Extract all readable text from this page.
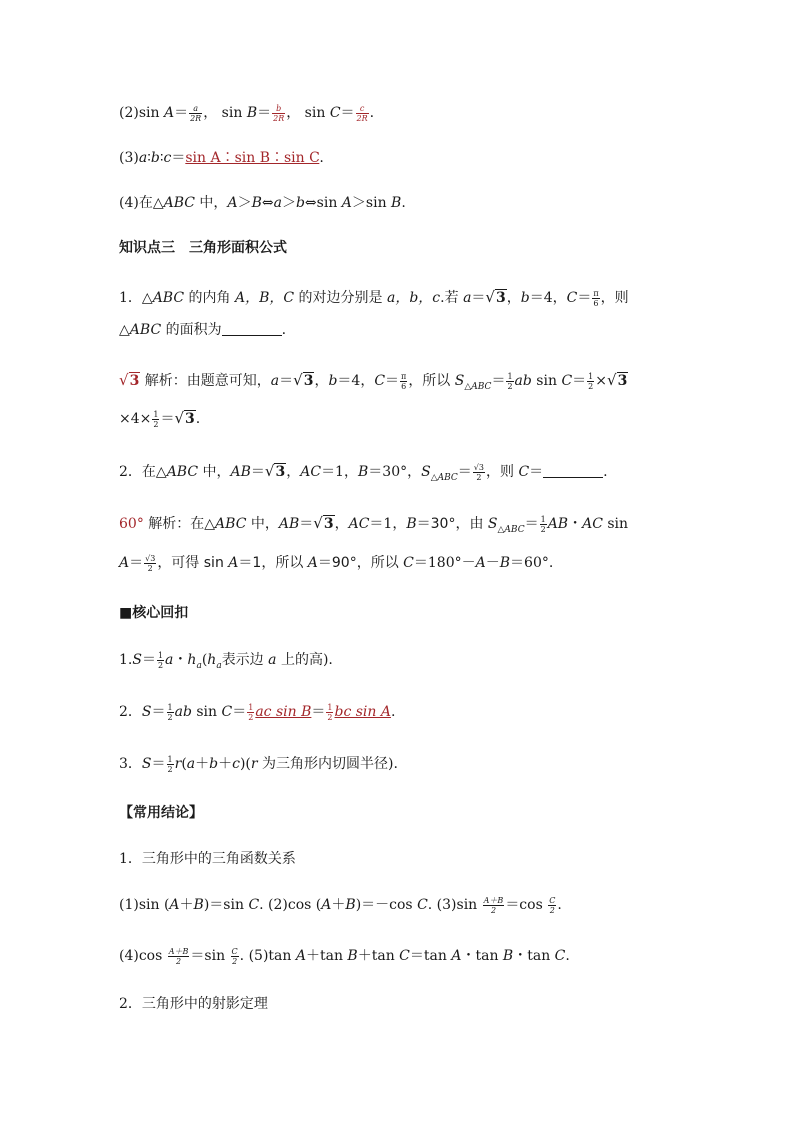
(2)sin $A= \frac{a}{2R}$ ， $\sin B= \frac{b}{2R}$ ， $\sin C= \frac{c}{2R}$ .
(3)a∶b∶c＝sin A∶sin B∶sin C.
(4)在△ABC 中，A＞B⇔a＞b⇔sin A＞sin B.
知识点三　三角形面积公式
1．△ABC 的内角 A，B，C 的对边分别是 a，b，c.若 a＝√3，b＝4，$C= \frac{\pi}{6}$ ，则
△ABC 的面积为	.
√3 解析：由题意可知，a＝√3，b＝4，$C= \frac{\pi}{6}$ ，所以 $S_{\triangle ABC}= \frac{1}{2}$ ab $\sin C= \frac{1}{2} \times√3$
$\times 4\times \frac{1}{2} =√3$.
2．在△ABC 中，AB＝√3，AC＝1，B＝30°，$S_{\triangle ABC}= \frac{√3}{2}$ ，则 C＝	.
60° 解析：在△ABC 中，AB＝√3，AC＝1，B＝30°，由 $S_{\triangle ABC}= \frac{1}{2}$ AB・AC sin
$A= \frac{√3}{2}$ ，可得 sin A＝1，所以 A＝90°，所以 C＝180°－A－B＝60°.
■核心回扣
$1.S= \frac{1}{2}$ a・$h_a(h_a$表示边 a 上的高).
2．$S= \frac{1}{2}$ ab $\sin C= \frac{1}{2}$ ac $\sin B= \frac{1}{2}$ bc sin A.
3．$S= \frac{1}{2} r(a+b+c)(r$ 为三角形内切圆半径).
【常用结论】
1．三角形中的三角函数关系
(1)sin (A＋B)＝sin C. (2)cos (A＋B)＝－cos C. $(3)\sin \frac{A+B}{2} =\cos \frac{C}{2}$ .
$(4)\cos \frac{A+B}{2} =\sin \frac{C}{2}$ . (5)tan A＋tan B＋tan C＝tan A・tan B・tan C.
2．三角形中的射影定理
